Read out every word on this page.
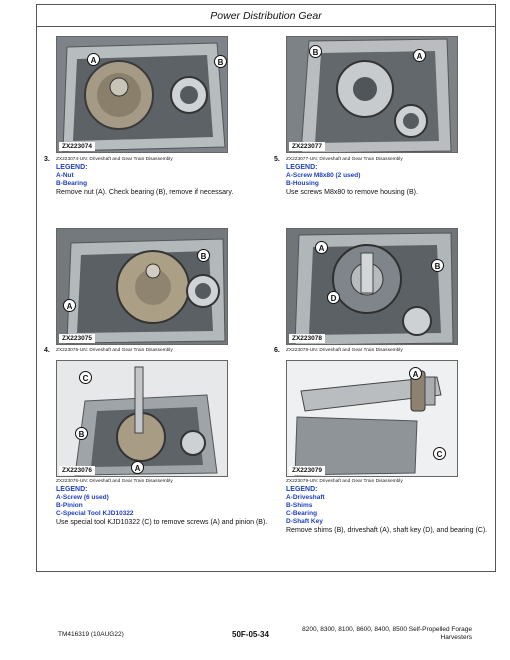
Power Distribution Gear
A	B
ZX223074
3. ZX223074-UN: Driveshaft and Gear Train Disassembly
LEGEND:
A-Nut
B-Bearing
Remove nut (A). Check bearing (B), remove if necessary.
A
B
ZX223075
4. ZX223075-UN: Driveshaft and Gear Train Disassembly
C
B
A
ZX223076
ZX223076-UN: Driveshaft and Gear Train Disassembly
LEGEND:
A-Screw (6 used)
B-Pinion
C-Special Tool KJD10322
Use special tool KJD10322 (C) to remove screws (A) and pinion (B).
B	A
ZX223077
5. ZX223077-UN: Driveshaft and Gear Train Disassembly
LEGEND:
A-Screw M8x80 (2 used)
B-Housing
Use screws M8x80 to remove housing (B).
A
B
D
ZX223078
6. ZX223078-UN: Driveshaft and Gear Train Disassembly
A
C
ZX223079
ZX223079-UN: Driveshaft and Gear Train Disassembly
LEGEND:
A-Driveshaft
B-Shims
C-Bearing
D-Shaft Key
Remove shims (B), driveshaft (A), shaft key (D), and bearing (C).
TM416319 (10AUG22)	50F-05-34
8200, 8300, 8100, 8600, 8400, 8500 Self-Propelled Forage
Harvesters
